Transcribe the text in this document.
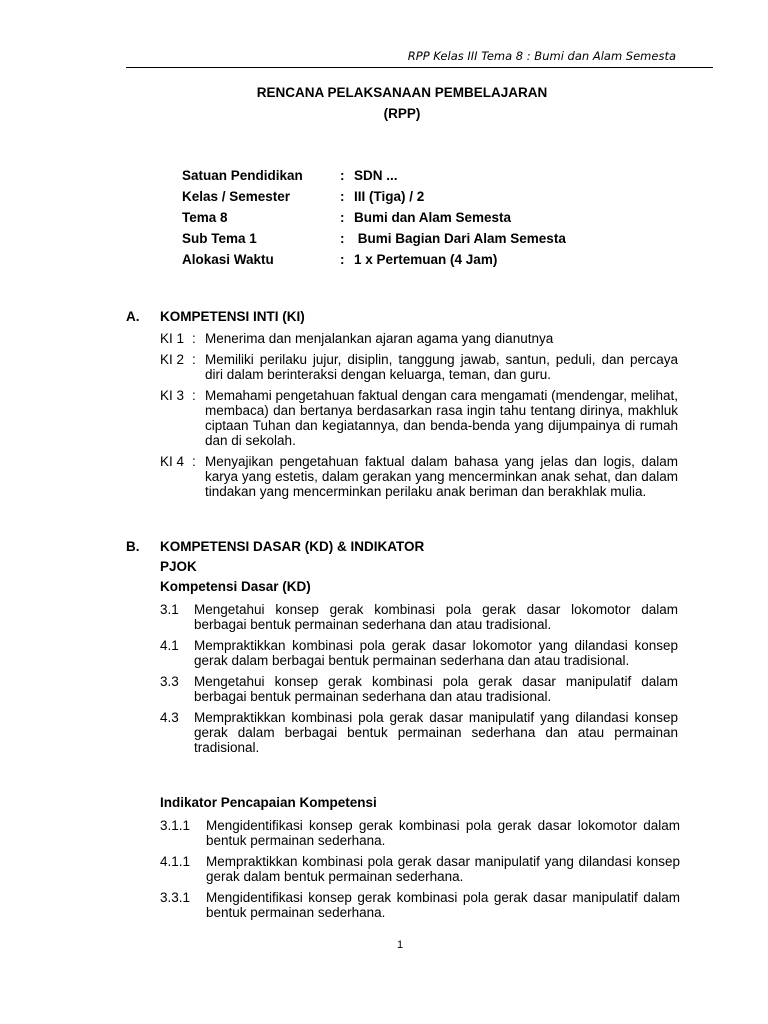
RPP Kelas III Tema 8 : Bumi dan Alam Semesta
RENCANA PELAKSANAAN PEMBELAJARAN
(RPP)
Satuan Pendidikan	: SDN ...
Kelas / Semester	: III (Tiga) / 2
Tema 8	: Bumi dan Alam Semesta
Sub Tema 1	: Bumi Bagian Dari Alam Semesta
Alokasi Waktu	: 1 x Pertemuan (4 Jam)
A. KOMPETENSI INTI (KI)
KI 1 : Menerima dan menjalankan ajaran agama yang dianutnya
KI 2 : Memiliki perilaku jujur, disiplin, tanggung jawab, santun, peduli, dan percaya diri dalam berinteraksi dengan keluarga, teman, dan guru.
KI 3 : Memahami pengetahuan faktual dengan cara mengamati (mendengar, melihat, membaca) dan bertanya berdasarkan rasa ingin tahu tentang dirinya, makhluk ciptaan Tuhan dan kegiatannya, dan benda-benda yang dijumpainya di rumah dan di sekolah.
KI 4 : Menyajikan pengetahuan faktual dalam bahasa yang jelas dan logis, dalam karya yang estetis, dalam gerakan yang mencerminkan anak sehat, dan dalam tindakan yang mencerminkan perilaku anak beriman dan berakhlak mulia.
B. KOMPETENSI DASAR (KD) & INDIKATOR
PJOK
Kompetensi Dasar (KD)
3.1	Mengetahui konsep gerak kombinasi pola gerak dasar lokomotor dalam berbagai bentuk permainan sederhana dan atau tradisional.
4.1	Mempraktikkan kombinasi pola gerak dasar lokomotor yang dilandasi konsep gerak dalam berbagai bentuk permainan sederhana dan atau tradisional.
3.3	Mengetahui konsep gerak kombinasi pola gerak dasar manipulatif dalam berbagai bentuk permainan sederhana dan atau tradisional.
4.3	Mempraktikkan kombinasi pola gerak dasar manipulatif yang dilandasi konsep gerak dalam berbagai bentuk permainan sederhana dan atau permainan tradisional.
Indikator Pencapaian Kompetensi
3.1.1	Mengidentifikasi konsep gerak kombinasi pola gerak dasar lokomotor dalam bentuk permainan sederhana.
4.1.1	Mempraktikkan kombinasi pola gerak dasar manipulatif yang dilandasi konsep gerak dalam bentuk permainan sederhana.
3.3.1	Mengidentifikasi konsep gerak kombinasi pola gerak dasar manipulatif dalam bentuk permainan sederhana.
1
